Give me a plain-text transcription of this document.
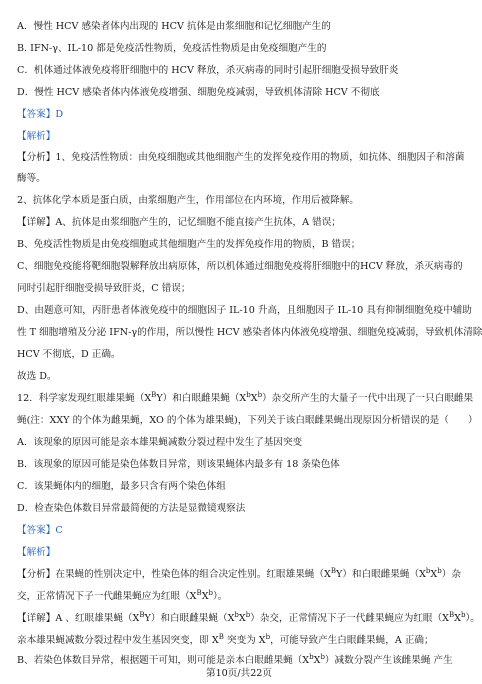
A．慢性 HCV 感染者体内出现的 HCV 抗体是由浆细胞和记忆细胞产生的
B. IFN-γ、IL-10 都是免疫活性物质，免疫活性物质是由免疫细胞产生的
C．机体通过体液免疫将肝细胞中的 HCV 释放，杀灭病毒的同时引起肝细胞受损导致肝炎
D．慢性 HCV 感染者体内体液免疫增强、细胞免疫减弱，导致机体清除 HCV 不彻底
【答案】D
【解析】
【分析】1、免疫活性物质：由免疫细胞或其他细胞产生的发挥免疫作用的物质，如抗体、细胞因子和溶菌
酶等。
2、抗体化学本质是蛋白质，由浆细胞产生，作用部位在内环境，作用后被降解。
【详解】A、抗体是由浆细胞产生的，记忆细胞不能直接产生抗体，A 错误；
B、免疫活性物质是由免疫细胞或其他细胞产生的发挥免疫作用的物质，B 错误；
C、细胞免疫能将靶细胞裂解释放出病原体，所以机体通过细胞免疫将肝细胞中的HCV 释放，杀灭病毒的
同时引起肝细胞受损导致肝炎，C 错误；
D、由题意可知，丙肝患者体液免疫中的细胞因子 IL-10 升高，且细胞因子 IL-10 具有抑制细胞免疫中辅助
性 T 细胞增殖及分泌 IFN-γ的作用，所以慢性 HCV 感染者体内体液免疫增强、细胞免疫减弱，导致机体清除
HCV 不彻底，D 正确。
故选 D。
12．科学家发现红眼雄果蝇$(X^BY)$和白眼雌果蝇$(X^bX^b)$杂交所产生的大量子一代中出现了一只白眼雌果
蝇(注：XXY 的个体为雌果蝇，XO 的个体为雄果蝇)，下列关于该白眼雌果蝇出现原因分析错误的是（　　）
A．该现象的原因可能是亲本雄果蝇减数分裂过程中发生了基因突变
B．该现象的原因可能是染色体数目异常，则该果蝇体内最多有 18 条染色体
C．该果蝇体内的细胞，最多只含有两个染色体组
D．检查染色体数目异常最简便的方法是显微镜观察法
【答案】C
【解析】
【分析】在果蝇的性别决定中，性染色体的组合决定性别。红眼雄果蝇$(X^BY)$和白眼雌果蝇$(X^bX^b)$杂
交，正常情况下子一代雌果蝇应为红眼$(X^BX^b)$。
【详解】A 、红眼雄果蝇$(X^BY)$和白眼雌果蝇$(X^bX^b)$杂交，正常情况下子一代雌果蝇应为红眼$(X^BX^b)$。
亲本雄果蝇减数分裂过程中发生基因突变，即 $X^B$ 突变为 $X^b$，可能导致产生白眼雌果蝇，A 正确；
B、若染色体数目异常，根据题干可知，则可能是亲本白眼雌果蝇$(X^bX^b)$减数分裂产生该雌果蝇 产生
第10页/共22页
